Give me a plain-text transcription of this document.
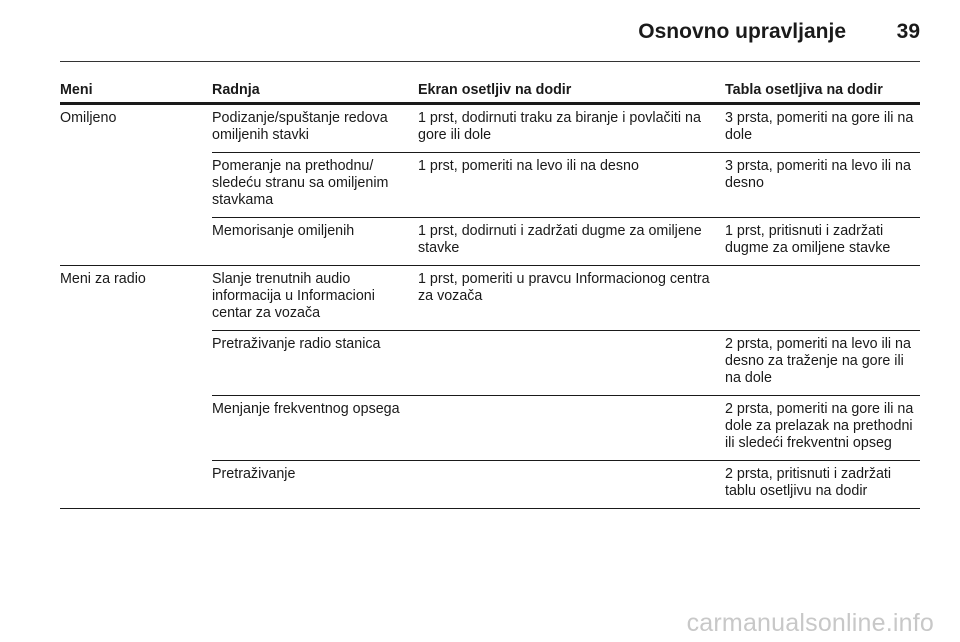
Osnovno upravljanje 39
Meni	Radnja	Ekran osetljiv na dodir	Tabla osetljiva na dodir
Omiljeno	Podizanje/spuštanje redova omiljenih stavki	1 prst, dodirnuti traku za biranje i povlačiti na gore ili dole	3 prsta, pomeriti na gore ili na dole
	Pomeranje na prethodnu/ sledeću stranu sa omiljenim stavkama	1 prst, pomeriti na levo ili na desno	3 prsta, pomeriti na levo ili na desno
	Memorisanje omiljenih	1 prst, dodirnuti i zadržati dugme za omiljene stavke	1 prst, pritisnuti i zadržati dugme za omiljene stavke
Meni za radio	Slanje trenutnih audio informacija u Informacioni centar za vozača	1 prst, pomeriti u pravcu Informacionog centra za vozača	
	Pretraživanje radio stanica		2 prsta, pomeriti na levo ili na desno za traženje na gore ili na dole
	Menjanje frekventnog opsega		2 prsta, pomeriti na gore ili na dole za prelazak na prethodni ili sledeći frekventni opseg
	Pretraživanje		2 prsta, pritisnuti i zadržati tablu osetljivu na dodir
carmanualsonline.info
